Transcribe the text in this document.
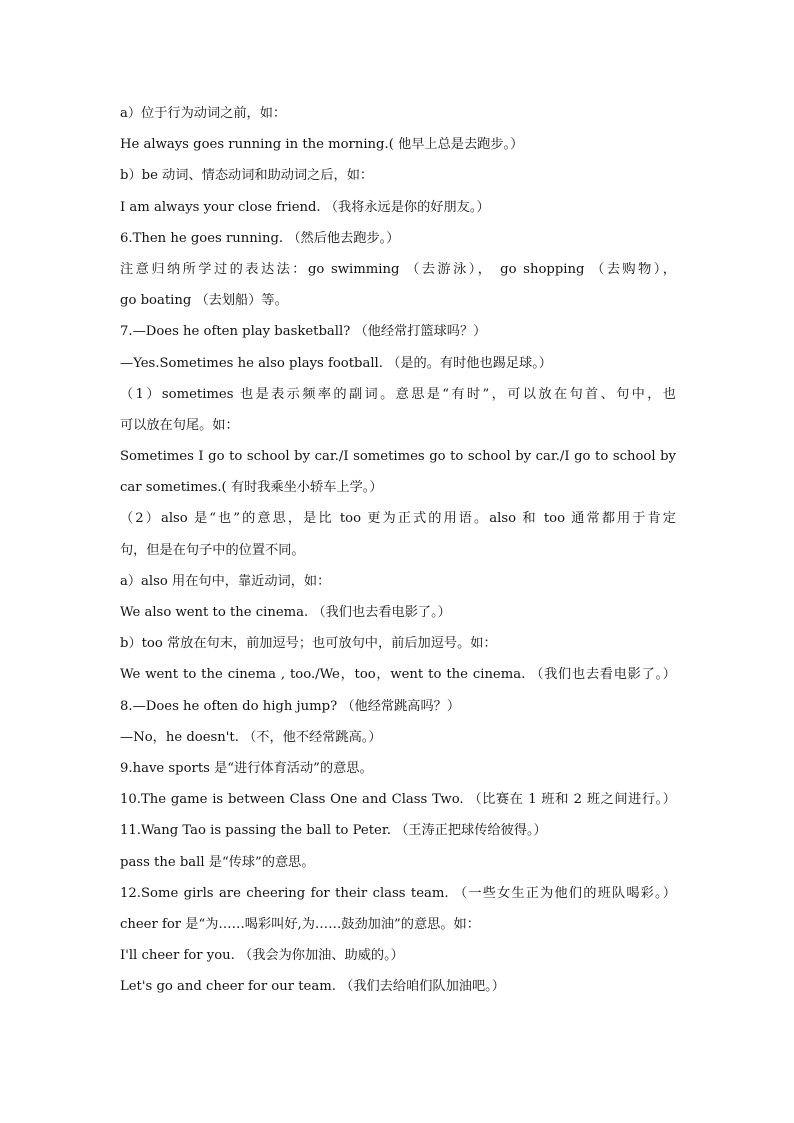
a）位于行为动词之前，如：
He always goes running in the morning.( 他早上总是去跑步。）
b）be 动词、情态动词和助动词之后，如：
I am always your close friend. （我将永远是你的好朋友。）
6.Then he goes running. （然后他去跑步。）
注意归纳所学过的表达法：go swimming （去游泳）， go shopping （去购物），
go boating （去划船）等。
7.—Does he often play basketball? （他经常打篮球吗？）
—Yes.Sometimes he also plays football. （是的。有时他也踢足球。）
（1）sometimes 也是表示频率的副词。意思是“有时”，可以放在句首、句中，也
可以放在句尾。如：
Sometimes I go to school by car./I sometimes go to school by car./I go to school by
car sometimes.( 有时我乘坐小轿车上学。）
（2）also 是“也”的意思，是比 too 更为正式的用语。also 和 too 通常都用于肯定
句，但是在句子中的位置不同。
a）also 用在句中，靠近动词，如：
We also went to the cinema. （我们也去看电影了。）
b）too 常放在句末，前加逗号；也可放句中，前后加逗号。如：
We went to the cinema , too./We，too，went to the cinema. （我们也去看电影了。）
8.—Does he often do high jump? （他经常跳高吗？）
—No，he doesn't. （不，他不经常跳高。）
9.have sports 是“进行体育活动”的意思。
10.The game is between Class One and Class Two. （比赛在 1 班和 2 班之间进行。）
11.Wang Tao is passing the ball to Peter. （王涛正把球传给彼得。）
pass the ball 是“传球”的意思。
12.Some girls are cheering for their class team. （一些女生正为他们的班队喝彩。）
cheer for 是“为……喝彩叫好,为……鼓劲加油”的意思。如：
I'll cheer for you. （我会为你加油、助威的。）
Let's go and cheer for our team. （我们去给咱们队加油吧。）
